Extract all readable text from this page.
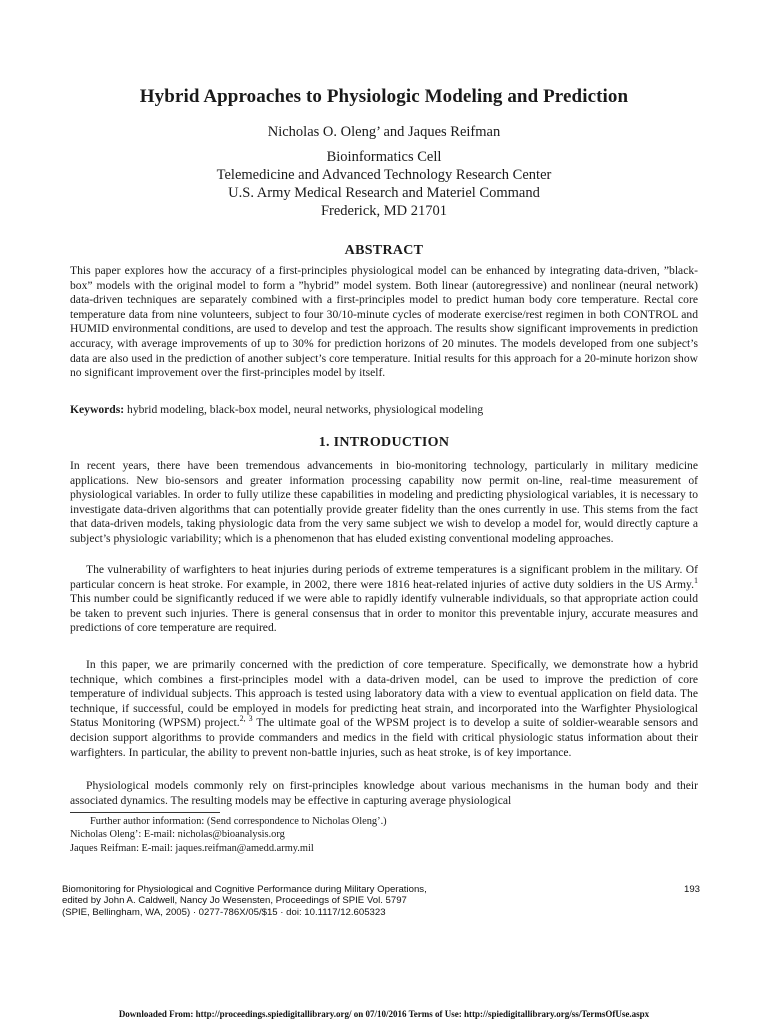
Hybrid Approaches to Physiologic Modeling and Prediction
Nicholas O. Oleng’ and Jaques Reifman
Bioinformatics Cell
Telemedicine and Advanced Technology Research Center
U.S. Army Medical Research and Materiel Command
Frederick, MD 21701
ABSTRACT

This paper explores how the accuracy of a first-principles physiological model can be enhanced by integrating data-driven, ”black-box” models with the original model to form a ”hybrid” model system. Both linear (autoregressive) and nonlinear (neural network) data-driven techniques are separately combined with a first-principles model to predict human body core temperature. Rectal core temperature data from nine volunteers, subject to four 30/10-minute cycles of moderate exercise/rest regimen in both CONTROL and HUMID environmental conditions, are used to develop and test the approach. The results show significant improvements in prediction accuracy, with average improvements of up to 30% for prediction horizons of 20 minutes. The models developed from one subject’s data are also used in the prediction of another subject’s core temperature. Initial results for this approach for a 20-minute horizon show no significant improvement over the first-principles model by itself.

Keywords: hybrid modeling, black-box model, neural networks, physiological modeling

1. INTRODUCTION

In recent years, there have been tremendous advancements in bio-monitoring technology, particularly in military medicine applications. New bio-sensors and greater information processing capability now permit on-line, real-time measurement of physiological variables. In order to fully utilize these capabilities in modeling and predicting physiological variables, it is necessary to investigate data-driven algorithms that can potentially provide greater fidelity than the ones currently in use. This stems from the fact that data-driven models, taking physiologic data from the very same subject we wish to develop a model for, would directly capture a subject’s physiologic variability; which is a phenomenon that has eluded existing conventional modeling approaches.

The vulnerability of warfighters to heat injuries during periods of extreme temperatures is a significant problem in the military. Of particular concern is heat stroke. For example, in 2002, there were 1816 heat-related injuries of active duty soldiers in the US Army.$^1$ This number could be significantly reduced if we were able to rapidly identify vulnerable individuals, so that appropriate action could be taken to prevent such injuries. There is general consensus that in order to monitor this preventable injury, accurate measures and predictions of core temperature are required.

In this paper, we are primarily concerned with the prediction of core temperature. Specifically, we demonstrate how a hybrid technique, which combines a first-principles model with a data-driven model, can be used to improve the prediction of core temperature of individual subjects. This approach is tested using laboratory data with a view to eventual application on field data. The technique, if successful, could be employed in models for predicting heat strain, and incorporated into the Warfighter Physiological Status Monitoring (WPSM) project.$^{2, 3}$ The ultimate goal of the WPSM project is to develop a suite of soldier-wearable sensors and decision support algorithms to provide commanders and medics in the field with critical physiologic status information about their warfighters. In particular, the ability to prevent non-battle injuries, such as heat stroke, is of key importance.

Physiological models commonly rely on first-principles knowledge about various mechanisms in the human body and their associated dynamics. The resulting models may be effective in capturing average physiological

Further author information: (Send correspondence to Nicholas Oleng’.)
Nicholas Oleng’: E-mail: nicholas@bioanalysis.org
Jaques Reifman: E-mail: jaques.reifman@amedd.army.mil
Biomonitoring for Physiological and Cognitive Performance during Military Operations,
edited by John A. Caldwell, Nancy Jo Wesensten, Proceedings of SPIE Vol. 5797
(SPIE, Bellingham, WA, 2005) · 0277-786X/05/$15 · doi: 10.1117/12.605323
193
Downloaded From: http://proceedings.spiedigitallibrary.org/ on 07/10/2016 Terms of Use: http://spiedigitallibrary.org/ss/TermsOfUse.aspx
